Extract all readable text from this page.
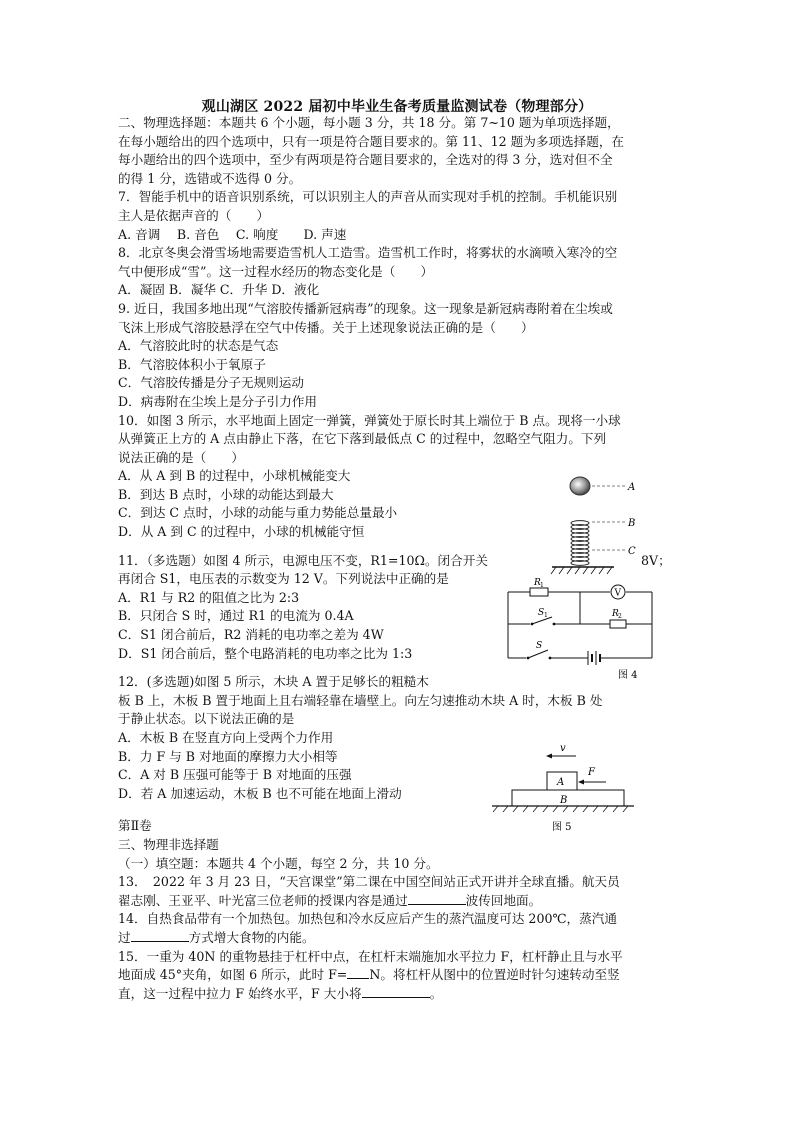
观山湖区 2022 届初中毕业生备考质量监测试卷（物理部分）

二、物理选择题：本题共 6 个小题，每小题 3 分，共 18 分。第 7~10 题为单项选择题，

在每小题给出的四个选项中，只有一项是符合题目要求的。第 11、12 题为多项选择题，在

每小题给出的四个选项中，至少有两项是符合题目要求的，全选对的得 3 分，选对但不全

的得 1 分，选错或不选得 0 分。

7．智能手机中的语音识别系统，可以识别主人的声音从而实现对手机的控制。手机能识别

主人是依据声音的（　　）

A. 音调　 B. 音色　 C. 响度　　D. 声速

8．北京冬奥会滑雪场地需要造雪机人工造雪。造雪机工作时，将雾状的水滴喷入寒冷的空

气中便形成“雪”。这一过程水经历的物态变化是（　　）

A．凝固 B．凝华 C．升华 D．液化

9. 近日，我国多地出现“气溶胶传播新冠病毒”的现象。这一现象是新冠病毒附着在尘埃或

飞沫上形成气溶胶悬浮在空气中传播。关于上述现象说法正确的是（　　）

A．气溶胶此时的状态是气态

B．气溶胶体积小于氧原子

C．气溶胶传播是分子无规则运动

D．病毒附在尘埃上是分子引力作用

10．如图 3 所示，水平地面上固定一弹簧，弹簧处于原长时其上端位于 B 点。现将一小球

从弹簧正上方的 A 点由静止下落，在它下落到最低点 C 的过程中，忽略空气阻力。下列

说法正确的是（　　）

A．从 A 到 B 的过程中，小球机械能变大

B．到达 B 点时，小球的动能达到最大

C．到达 C 点时，小球的动能与重力势能总量最小

D．从 A 到 C 的过程中，小球的机械能守恒

11．（多选题）如图 4 所示，电源电压不变，R1=10Ω。闭合开关	8V；

再闭合 S1，电压表的示数变为 12 V。下列说法中正确的是

A．R1 与 R2 的阻值之比为 2:3

B．只闭合 S 时，通过 R1 的电流为 0.4A

C．S1 闭合前后，R2 消耗的电功率之差为 4W

D．S1 闭合前后，整个电路消耗的电功率之比为 1:3

12．(多选题)如图 5 所示，木块 A 置于足够长的粗糙木

板 B 上，木板 B 置于地面上且右端轻靠在墙壁上。向左匀速推动木块 A 时，木板 B 处

于静止状态。以下说法正确的是

A．木板 B 在竖直方向上受两个力作用

B．力 F 与 B 对地面的摩擦力大小相等

C．A 对 B 压强可能等于 B 对地面的压强

D．若 A 加速运动，木板 B 也不可能在地面上滑动

第Ⅱ卷

三、物理非选择题

（一）填空题：本题共 4 个小题，每空 2 分，共 10 分。

13．　2022 年 3 月 23 日，“天宫课堂”第二课在中国空间站正式开讲并全球直播。航天员

翟志刚、王亚平、叶光富三位老师的授课内容是通过	波传回地面。

14．自热食品带有一个加热包。加热包和冷水反应后产生的蒸汽温度可达 200℃，蒸汽通

过	方式增大食物的内能。

15．一重为 40N 的重物悬挂于杠杆中点，在杠杆末端施加水平拉力 F，杠杆静止且与水平

地面成 45°夹角，如图 6 所示，此时 F= N。将杠杆从图中的位置逆时针匀速转动至竖

直，这一过程中拉力 F 始终水平，F 大小将	。

A
B
C
R 1
V
S 1	R 2
S
图 4
v
A
F
B
图 5
